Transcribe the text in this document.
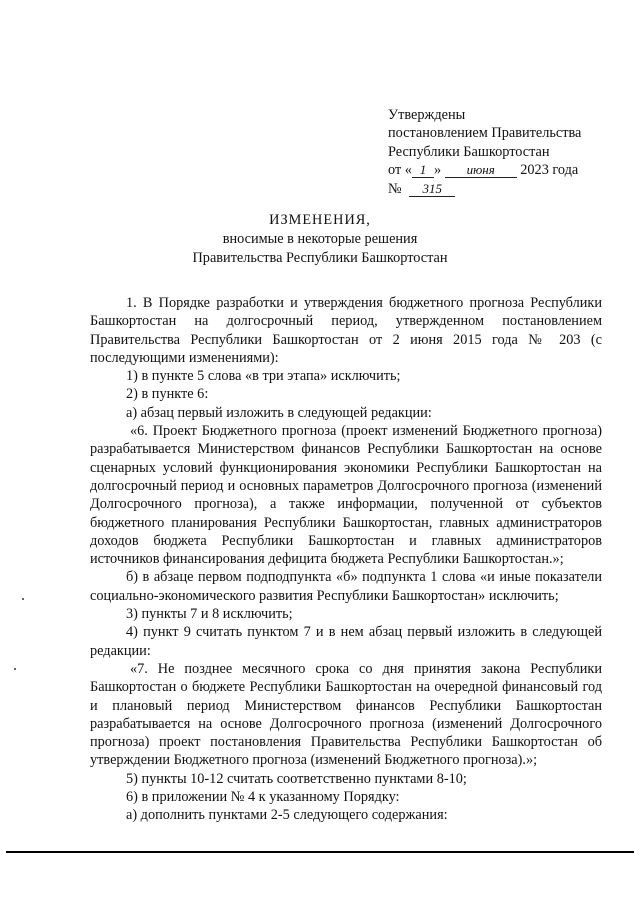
Утверждены
постановлением Правительства
Республики Башкортостан
от « 1 » июня 2023 года
№ 315
ИЗМЕНЕНИЯ,
вносимые в некоторые решения
Правительства Республики Башкортостан

1. В Порядке разработки и утверждения бюджетного прогноза Республики Башкортостан на долгосрочный период, утвержденном постановлением Правительства Республики Башкортостан от 2 июня 2015 года № 203 (с последующими изменениями):

1) в пункте 5 слова «в три этапа» исключить;

2) в пункте 6:

а) абзац первый изложить в следующей редакции:

«6. Проект Бюджетного прогноза (проект изменений Бюджетного прогноза) разрабатывается Министерством финансов Республики Башкортостан на основе сценарных условий функционирования экономики Республики Башкортостан на долгосрочный период и основных параметров Долгосрочного прогноза (изменений Долгосрочного прогноза), а также информации, полученной от субъектов бюджетного планирования Республики Башкортостан, главных администраторов доходов бюджета Республики Башкортостан и главных администраторов источников финансирования дефицита бюджета Республики Башкортостан.»;

б) в абзаце первом подподпункта «б» подпункта 1 слова «и иные показатели социально-экономического развития Республики Башкортостан» исключить;

3) пункты 7 и 8 исключить;

4) пункт 9 считать пунктом 7 и в нем абзац первый изложить в следующей редакции:

«7. Не позднее месячного срока со дня принятия закона Республики Башкортостан о бюджете Республики Башкортостан на очередной финансовый год и плановый период Министерством финансов Республики Башкортостан разрабатывается на основе Долгосрочного прогноза (изменений Долгосрочного прогноза) проект постановления Правительства Республики Башкортостан об утверждении Бюджетного прогноза (изменений Бюджетного прогноза).»;

5) пункты 10-12 считать соответственно пунктами 8-10;

6) в приложении № 4 к указанному Порядку:

а) дополнить пунктами 2-5 следующего содержания:
